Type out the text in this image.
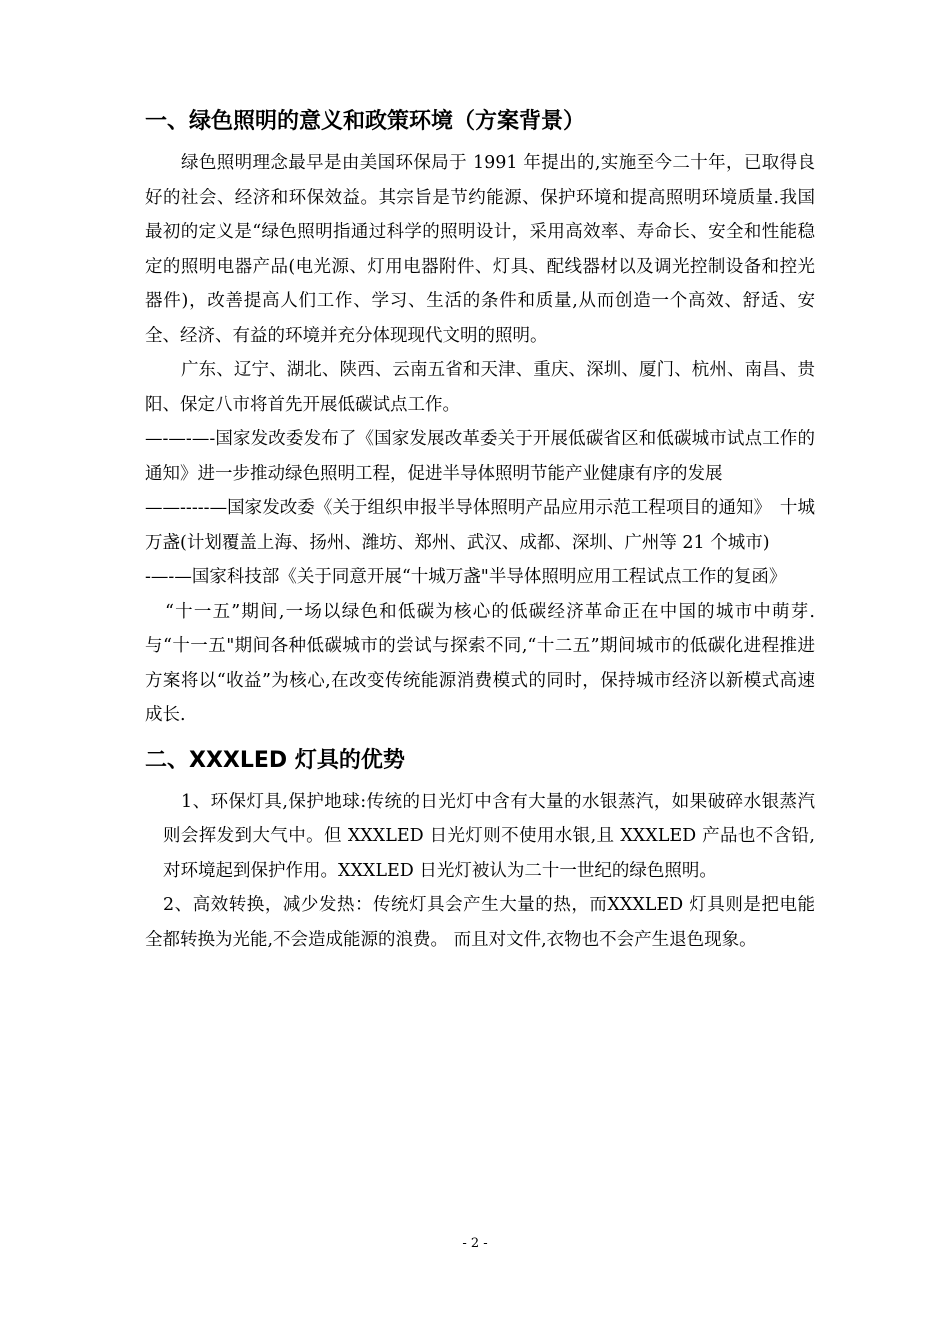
一、绿色照明的意义和政策环境（方案背景）

绿色照明理念最早是由美国环保局于 1991 年提出的,实施至今二十年，已取得良好的社会、经济和环保效益。其宗旨是节约能源、保护环境和提高照明环境质量.我国最初的定义是“绿色照明指通过科学的照明设计，采用高效率、寿命长、安全和性能稳定的照明电器产品(电光源、灯用电器附件、灯具、配线器材以及调光控制设备和控光器件)，改善提高人们工作、学习、生活的条件和质量,从而创造一个高效、舒适、安全、经济、有益的环境并充分体现现代文明的照明。

广东、辽宁、湖北、陕西、云南五省和天津、重庆、深圳、厦门、杭州、南昌、贵阳、保定八市将首先开展低碳试点工作。

—-—-—-国家发改委发布了《国家发展改革委关于开展低碳省区和低碳城市试点工作的通知》进一步推动绿色照明工程，促进半导体照明节能产业健康有序的发展

——-----—国家发改委《关于组织申报半导体照明产品应用示范工程项目的通知》　十城万盏(计划覆盖上海、扬州、潍坊、郑州、武汉、成都、深圳、广州等 21 个城市)

-—-—国家科技部《关于同意开展“十城万盏"半导体照明应用工程试点工作的复函》

“十一五”期间,一场以绿色和低碳为核心的低碳经济革命正在中国的城市中萌芽.与“十一五"期间各种低碳城市的尝试与探索不同,“十二五”期间城市的低碳化进程推进方案将以“收益”为核心,在改变传统能源消费模式的同时，保持城市经济以新模式高速成长.

二、XXXLED 灯具的优势

1、环保灯具,保护地球:传统的日光灯中含有大量的水银蒸汽，如果破碎水银蒸汽则会挥发到大气中。但 XXXLED 日光灯则不使用水银,且 XXXLED 产品也不含铅,对环境起到保护作用。XXXLED 日光灯被认为二十一世纪的绿色照明。

2、高效转换，减少发热：传统灯具会产生大量的热，而XXXLED 灯具则是把电能全都转换为光能,不会造成能源的浪费。 而且对文件,衣物也不会产生退色现象。

- 2 -
